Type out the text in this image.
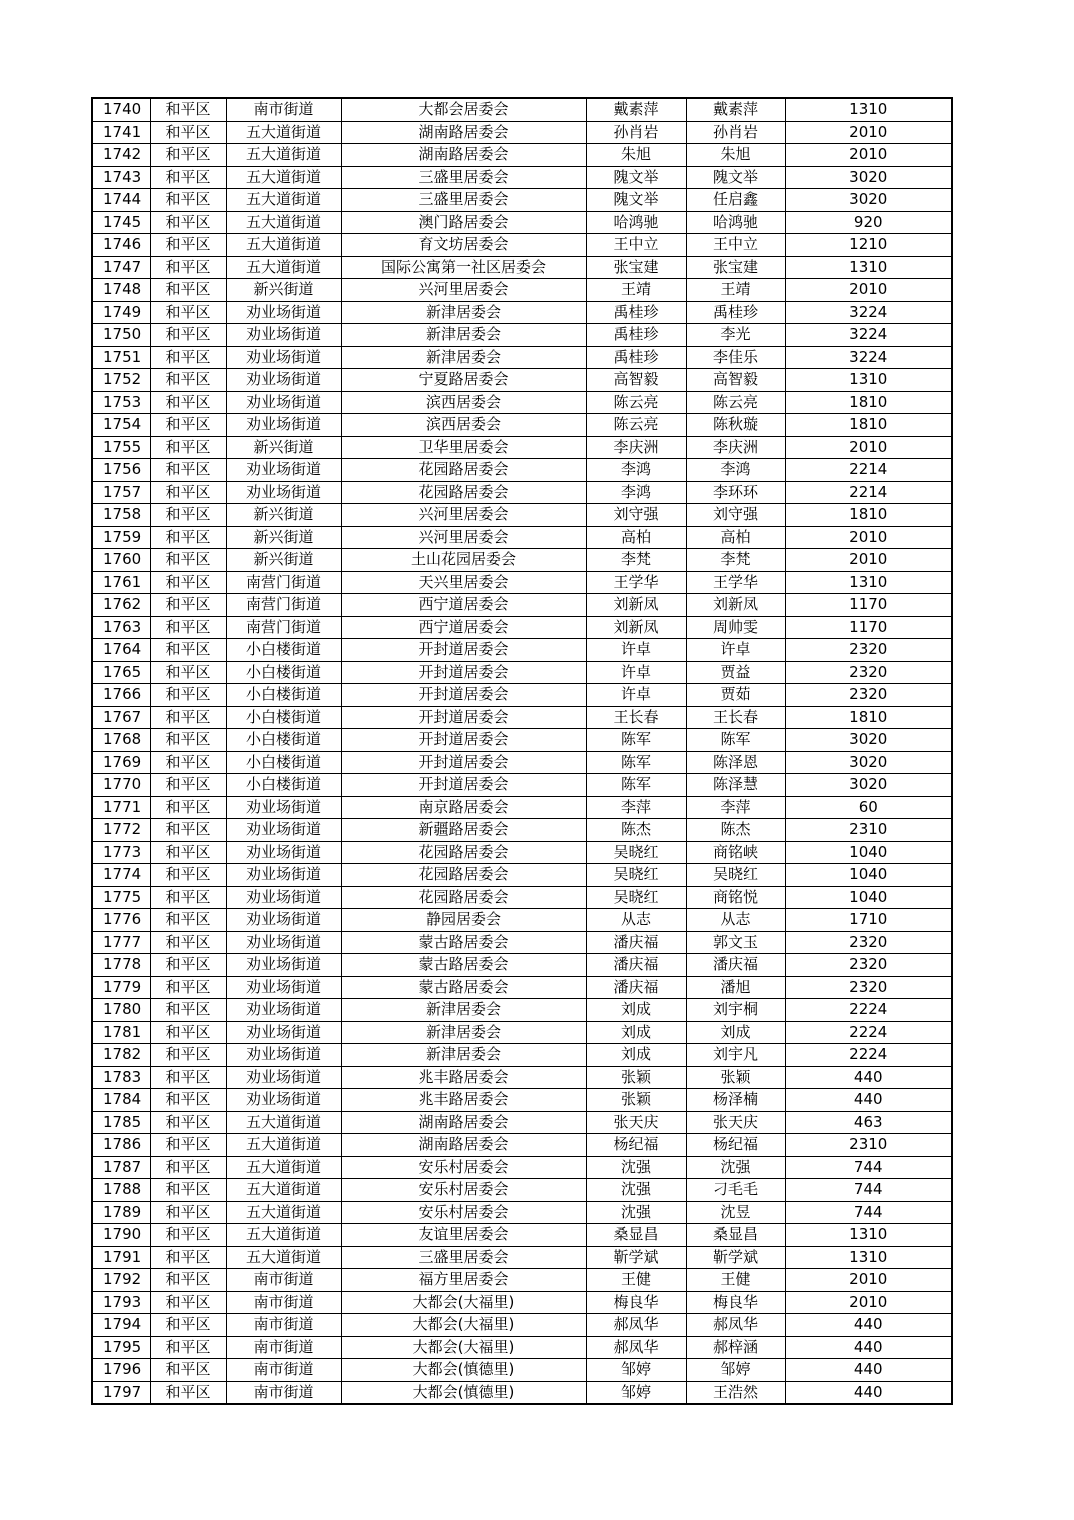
1740	和平区	南市街道	大都会居委会	戴素萍	戴素萍	1310
1741	和平区	五大道街道	湖南路居委会	孙肖岩	孙肖岩	2010
1742	和平区	五大道街道	湖南路居委会	朱旭	朱旭	2010
1743	和平区	五大道街道	三盛里居委会	隗文举	隗文举	3020
1744	和平区	五大道街道	三盛里居委会	隗文举	任启鑫	3020
1745	和平区	五大道街道	澳门路居委会	哈鸿驰	哈鸿驰	920
1746	和平区	五大道街道	育文坊居委会	王中立	王中立	1210
1747	和平区	五大道街道	国际公寓第一社区居委会	张宝建	张宝建	1310
1748	和平区	新兴街道	兴河里居委会	王靖	王靖	2010
1749	和平区	劝业场街道	新津居委会	禹桂珍	禹桂珍	3224
1750	和平区	劝业场街道	新津居委会	禹桂珍	李光	3224
1751	和平区	劝业场街道	新津居委会	禹桂珍	李佳乐	3224
1752	和平区	劝业场街道	宁夏路居委会	高智毅	高智毅	1310
1753	和平区	劝业场街道	滨西居委会	陈云亮	陈云亮	1810
1754	和平区	劝业场街道	滨西居委会	陈云亮	陈秋璇	1810
1755	和平区	新兴街道	卫华里居委会	李庆洲	李庆洲	2010
1756	和平区	劝业场街道	花园路居委会	李鸿	李鸿	2214
1757	和平区	劝业场街道	花园路居委会	李鸿	李环环	2214
1758	和平区	新兴街道	兴河里居委会	刘守强	刘守强	1810
1759	和平区	新兴街道	兴河里居委会	高柏	高柏	2010
1760	和平区	新兴街道	土山花园居委会	李梵	李梵	2010
1761	和平区	南营门街道	天兴里居委会	王学华	王学华	1310
1762	和平区	南营门街道	西宁道居委会	刘新凤	刘新凤	1170
1763	和平区	南营门街道	西宁道居委会	刘新凤	周帅雯	1170
1764	和平区	小白楼街道	开封道居委会	许卓	许卓	2320
1765	和平区	小白楼街道	开封道居委会	许卓	贾益	2320
1766	和平区	小白楼街道	开封道居委会	许卓	贾茹	2320
1767	和平区	小白楼街道	开封道居委会	王长春	王长春	1810
1768	和平区	小白楼街道	开封道居委会	陈军	陈军	3020
1769	和平区	小白楼街道	开封道居委会	陈军	陈泽恩	3020
1770	和平区	小白楼街道	开封道居委会	陈军	陈泽慧	3020
1771	和平区	劝业场街道	南京路居委会	李萍	李萍	60
1772	和平区	劝业场街道	新疆路居委会	陈杰	陈杰	2310
1773	和平区	劝业场街道	花园路居委会	吴晓红	商铭峡	1040
1774	和平区	劝业场街道	花园路居委会	吴晓红	吴晓红	1040
1775	和平区	劝业场街道	花园路居委会	吴晓红	商铭悦	1040
1776	和平区	劝业场街道	静园居委会	从志	从志	1710
1777	和平区	劝业场街道	蒙古路居委会	潘庆福	郭文玉	2320
1778	和平区	劝业场街道	蒙古路居委会	潘庆福	潘庆福	2320
1779	和平区	劝业场街道	蒙古路居委会	潘庆福	潘旭	2320
1780	和平区	劝业场街道	新津居委会	刘成	刘宇桐	2224
1781	和平区	劝业场街道	新津居委会	刘成	刘成	2224
1782	和平区	劝业场街道	新津居委会	刘成	刘宇凡	2224
1783	和平区	劝业场街道	兆丰路居委会	张颖	张颖	440
1784	和平区	劝业场街道	兆丰路居委会	张颖	杨泽楠	440
1785	和平区	五大道街道	湖南路居委会	张天庆	张天庆	463
1786	和平区	五大道街道	湖南路居委会	杨纪福	杨纪福	2310
1787	和平区	五大道街道	安乐村居委会	沈强	沈强	744
1788	和平区	五大道街道	安乐村居委会	沈强	刁毛毛	744
1789	和平区	五大道街道	安乐村居委会	沈强	沈昱	744
1790	和平区	五大道街道	友谊里居委会	桑显昌	桑显昌	1310
1791	和平区	五大道街道	三盛里居委会	靳学斌	靳学斌	1310
1792	和平区	南市街道	福方里居委会	王健	王健	2010
1793	和平区	南市街道	大都会(大福里)	梅良华	梅良华	2010
1794	和平区	南市街道	大都会(大福里)	郝凤华	郝凤华	440
1795	和平区	南市街道	大都会(大福里)	郝凤华	郝梓涵	440
1796	和平区	南市街道	大都会(慎德里)	邹婷	邹婷	440
1797	和平区	南市街道	大都会(慎德里)	邹婷	王浩然	440
